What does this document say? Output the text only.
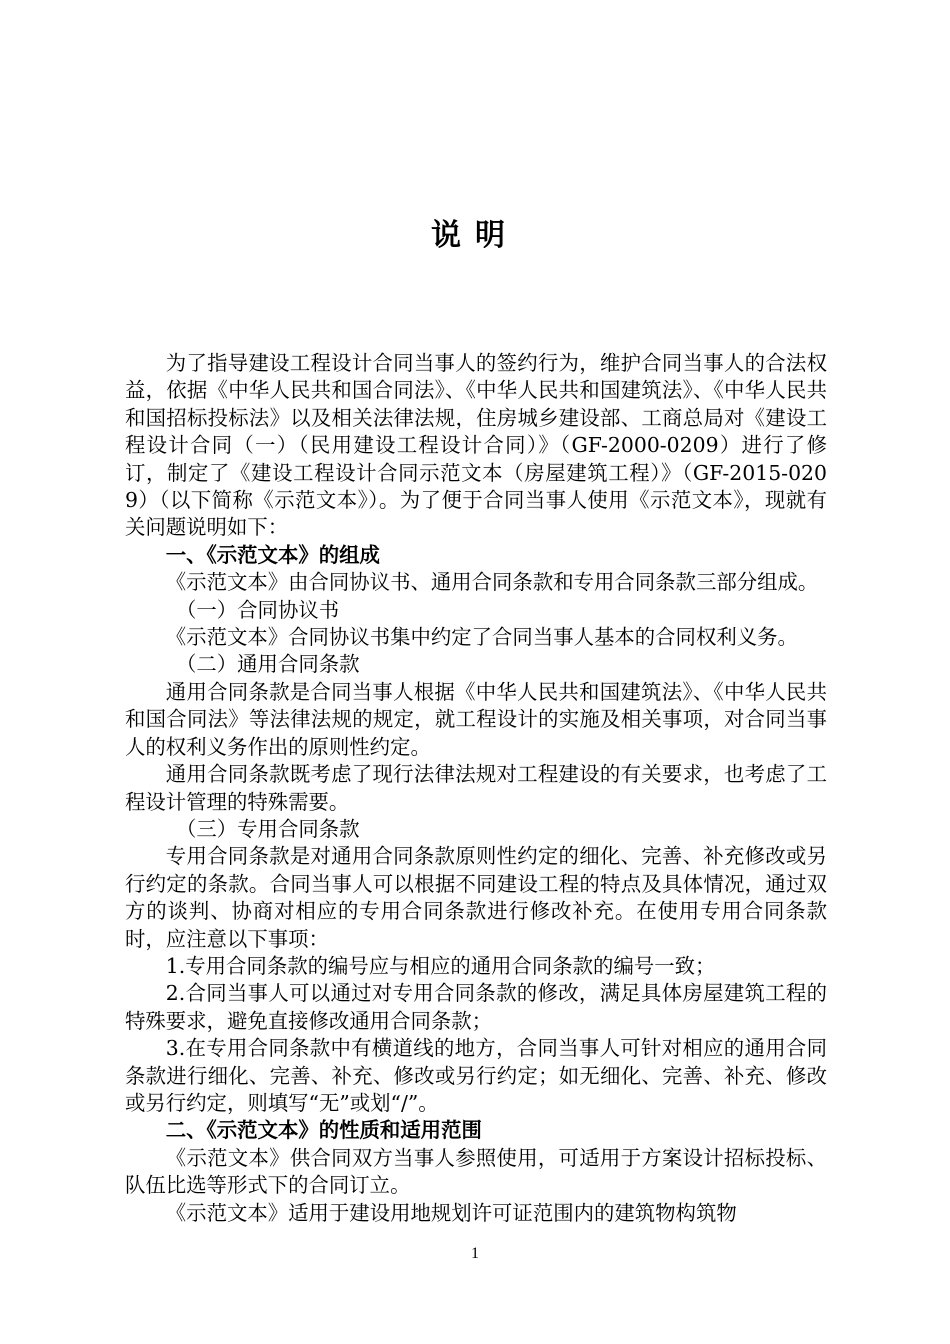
说明

为了指导建设工程设计合同当事人的签约行为，维护合同当事人的合法权益，依据《中华人民共和国合同法》、《中华人民共和国建筑法》、《中华人民共和国招标投标法》以及相关法律法规，住房城乡建设部、工商总局对《建设工程设计合同（一）（民用建设工程设计合同）》（GF-2000-0209）进行了修订，制定了《建设工程设计合同示范文本（房屋建筑工程）》（GF-2015-0209）（以下简称《示范文本》）。为了便于合同当事人使用《示范文本》，现就有关问题说明如下：

一、《示范文本》的组成

《示范文本》由合同协议书、通用合同条款和专用合同条款三部分组成。

（一）合同协议书

《示范文本》合同协议书集中约定了合同当事人基本的合同权利义务。

（二）通用合同条款

通用合同条款是合同当事人根据《中华人民共和国建筑法》、《中华人民共和国合同法》等法律法规的规定，就工程设计的实施及相关事项，对合同当事人的权利义务作出的原则性约定。

通用合同条款既考虑了现行法律法规对工程建设的有关要求，也考虑了工程设计管理的特殊需要。

（三）专用合同条款

专用合同条款是对通用合同条款原则性约定的细化、完善、补充修改或另行约定的条款。合同当事人可以根据不同建设工程的特点及具体情况，通过双方的谈判、协商对相应的专用合同条款进行修改补充。在使用专用合同条款时，应注意以下事项：

1.专用合同条款的编号应与相应的通用合同条款的编号一致；

2.合同当事人可以通过对专用合同条款的修改，满足具体房屋建筑工程的特殊要求，避免直接修改通用合同条款；

3.在专用合同条款中有横道线的地方，合同当事人可针对相应的通用合同条款进行细化、完善、补充、修改或另行约定；如无细化、完善、补充、修改或另行约定，则填写“无”或划“/”。

二、《示范文本》的性质和适用范围

《示范文本》供合同双方当事人参照使用，可适用于方案设计招标投标、队伍比选等形式下的合同订立。

《示范文本》适用于建设用地规划许可证范围内的建筑物构筑物

1
